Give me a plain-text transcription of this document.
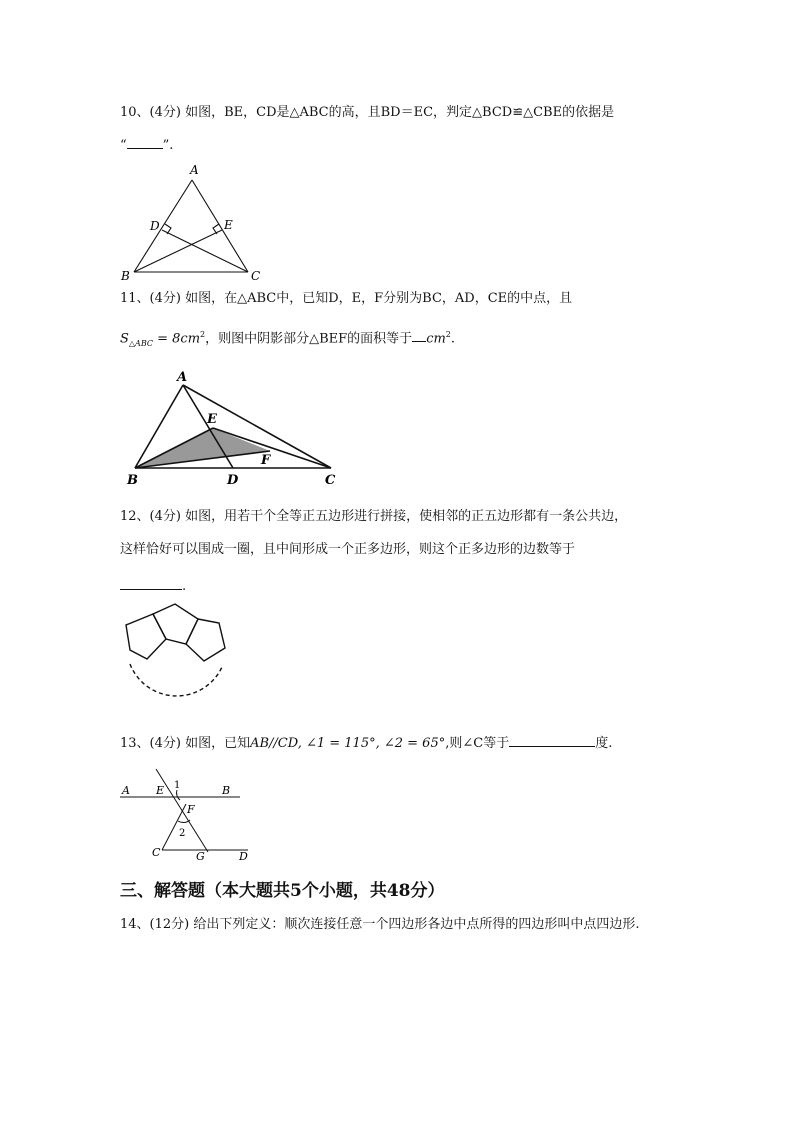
10、(4分) 如图，BE，CD是△ABC的高，且BD＝EC，判定△BCD≌△CBE的依据是
“	”.
A
B	C
D	E
11、(4分) 如图，在△ABC中，已知D，E，F分别为BC，AD，CE的中点，且
$S_{\triangle ABC} = 8cm^2$，则图中阴影部分△BEF的面积等于 $cm^2$.
A
B	C
D
E
F
12、(4分) 如图，用若干个全等正五边形进行拼接，使相邻的正五边形都有一条公共边，
这样恰好可以围成一圈，且中间形成一个正多边形，则这个正多边形的边数等于
.
13、(4分) 如图，已知AB//CD, ∠1 = 115°, ∠2 = 65°,则∠C等于	度.
A	B
C	D
E
F
G
1
2
三、解答题（本大题共5个小题，共48分）
14、(12分) 给出下列定义：顺次连接任意一个四边形各边中点所得的四边形叫中点四边形.
